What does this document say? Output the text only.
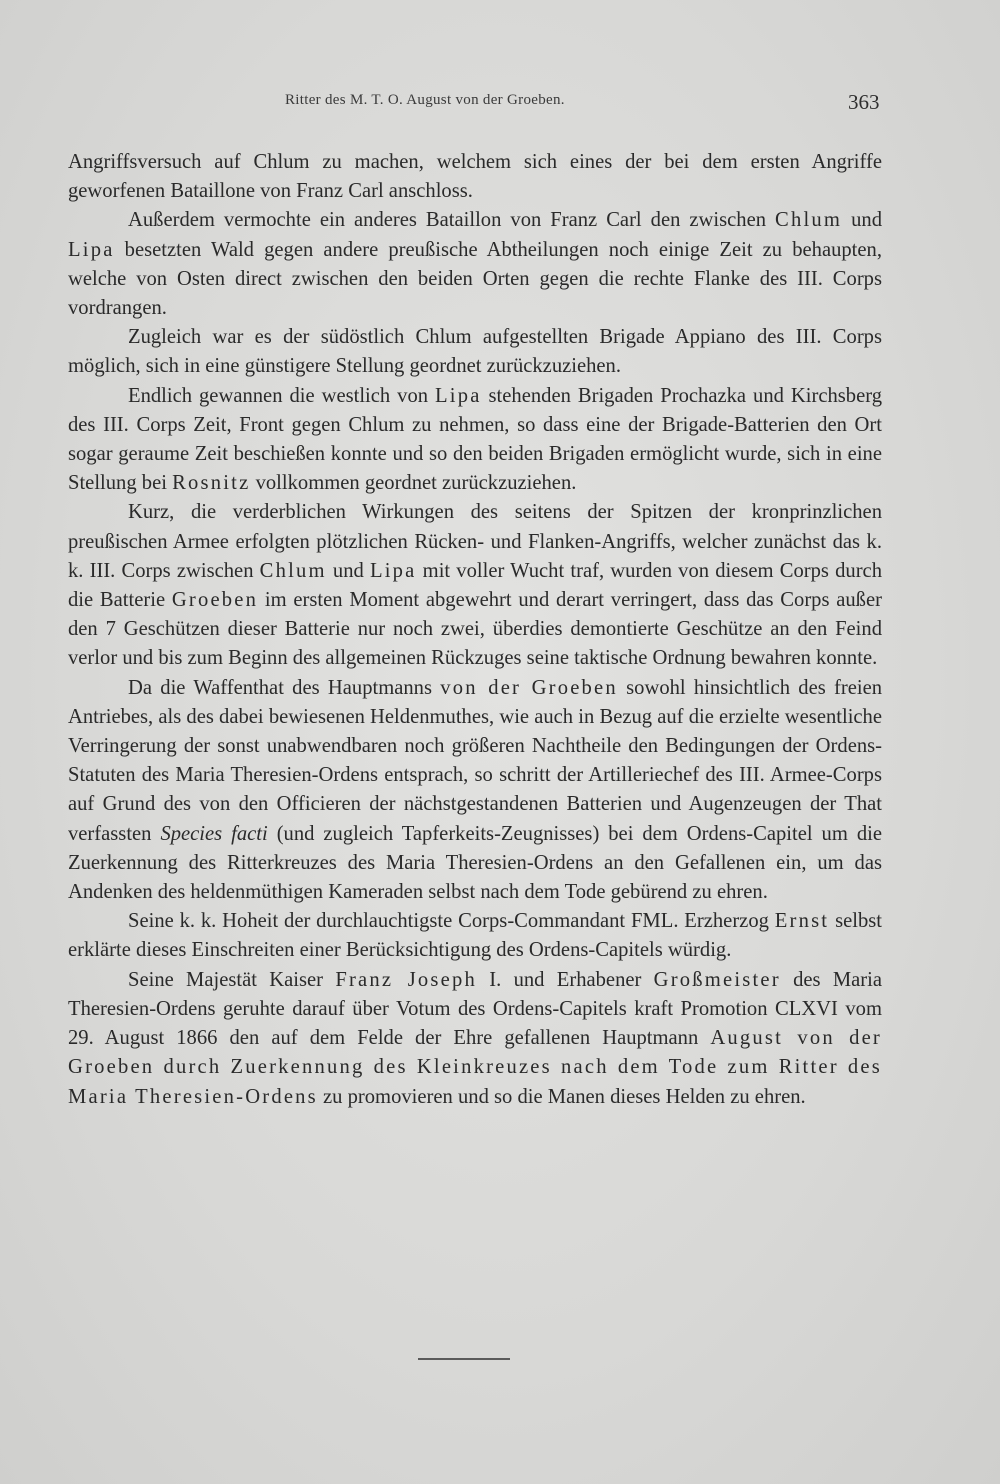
Ritter des M. T. O. August von der Groeben.	363

Angriffsversuch auf Chlum zu machen, welchem sich eines der bei dem ersten Angriffe geworfenen Bataillone von Franz Carl anschloss.

Außerdem vermochte ein anderes Bataillon von Franz Carl den zwischen Chlum und Lipa besetzten Wald gegen andere preußische Abtheilungen noch einige Zeit zu behaupten, welche von Osten direct zwischen den beiden Orten gegen die rechte Flanke des III. Corps vordrangen.

Zugleich war es der südöstlich Chlum aufgestellten Brigade Appiano des III. Corps möglich, sich in eine günstigere Stellung geordnet zurückzuziehen.

Endlich gewannen die westlich von Lipa stehenden Brigaden Prochazka und Kirchsberg des III. Corps Zeit, Front gegen Chlum zu nehmen, so dass eine der Brigade-Batterien den Ort sogar geraume Zeit beschießen konnte und so den beiden Brigaden ermöglicht wurde, sich in eine Stellung bei Rosnitz vollkommen geordnet zurückzuziehen.

Kurz, die verderblichen Wirkungen des seitens der Spitzen der kronprinzlichen preußischen Armee erfolgten plötzlichen Rücken- und Flanken-Angriffs, welcher zunächst das k. k. III. Corps zwischen Chlum und Lipa mit voller Wucht traf, wurden von diesem Corps durch die Batterie Groeben im ersten Moment abgewehrt und derart verringert, dass das Corps außer den 7 Geschützen dieser Batterie nur noch zwei, überdies demontierte Geschütze an den Feind verlor und bis zum Beginn des allgemeinen Rückzuges seine taktische Ordnung bewahren konnte.

Da die Waffenthat des Hauptmanns von der Groeben sowohl hinsichtlich des freien Antriebes, als des dabei bewiesenen Heldenmuthes, wie auch in Bezug auf die erzielte wesentliche Verringerung der sonst unabwendbaren noch größeren Nachtheile den Bedingungen der Ordens-Statuten des Maria Theresien-Ordens entsprach, so schritt der Artilleriechef des III. Armee-Corps auf Grund des von den Officieren der nächstgestandenen Batterien und Augenzeugen der That verfassten Species facti (und zugleich Tapferkeits-Zeugnisses) bei dem Ordens-Capitel um die Zuerkennung des Ritterkreuzes des Maria Theresien-Ordens an den Gefallenen ein, um das Andenken des heldenmüthigen Kameraden selbst nach dem Tode gebürend zu ehren.

Seine k. k. Hoheit der durchlauchtigste Corps-Commandant FML. Erzherzog Ernst selbst erklärte dieses Einschreiten einer Berücksichtigung des Ordens-Capitels würdig.

Seine Majestät Kaiser Franz Joseph I. und Erhabener Großmeister des Maria Theresien-Ordens geruhte darauf über Votum des Ordens-Capitels kraft Promotion CLXVI vom 29. August 1866 den auf dem Felde der Ehre gefallenen Hauptmann August von der Groeben durch Zuerkennung des Kleinkreuzes nach dem Tode zum Ritter des Maria Theresien-Ordens zu promovieren und so die Manen dieses Helden zu ehren.
